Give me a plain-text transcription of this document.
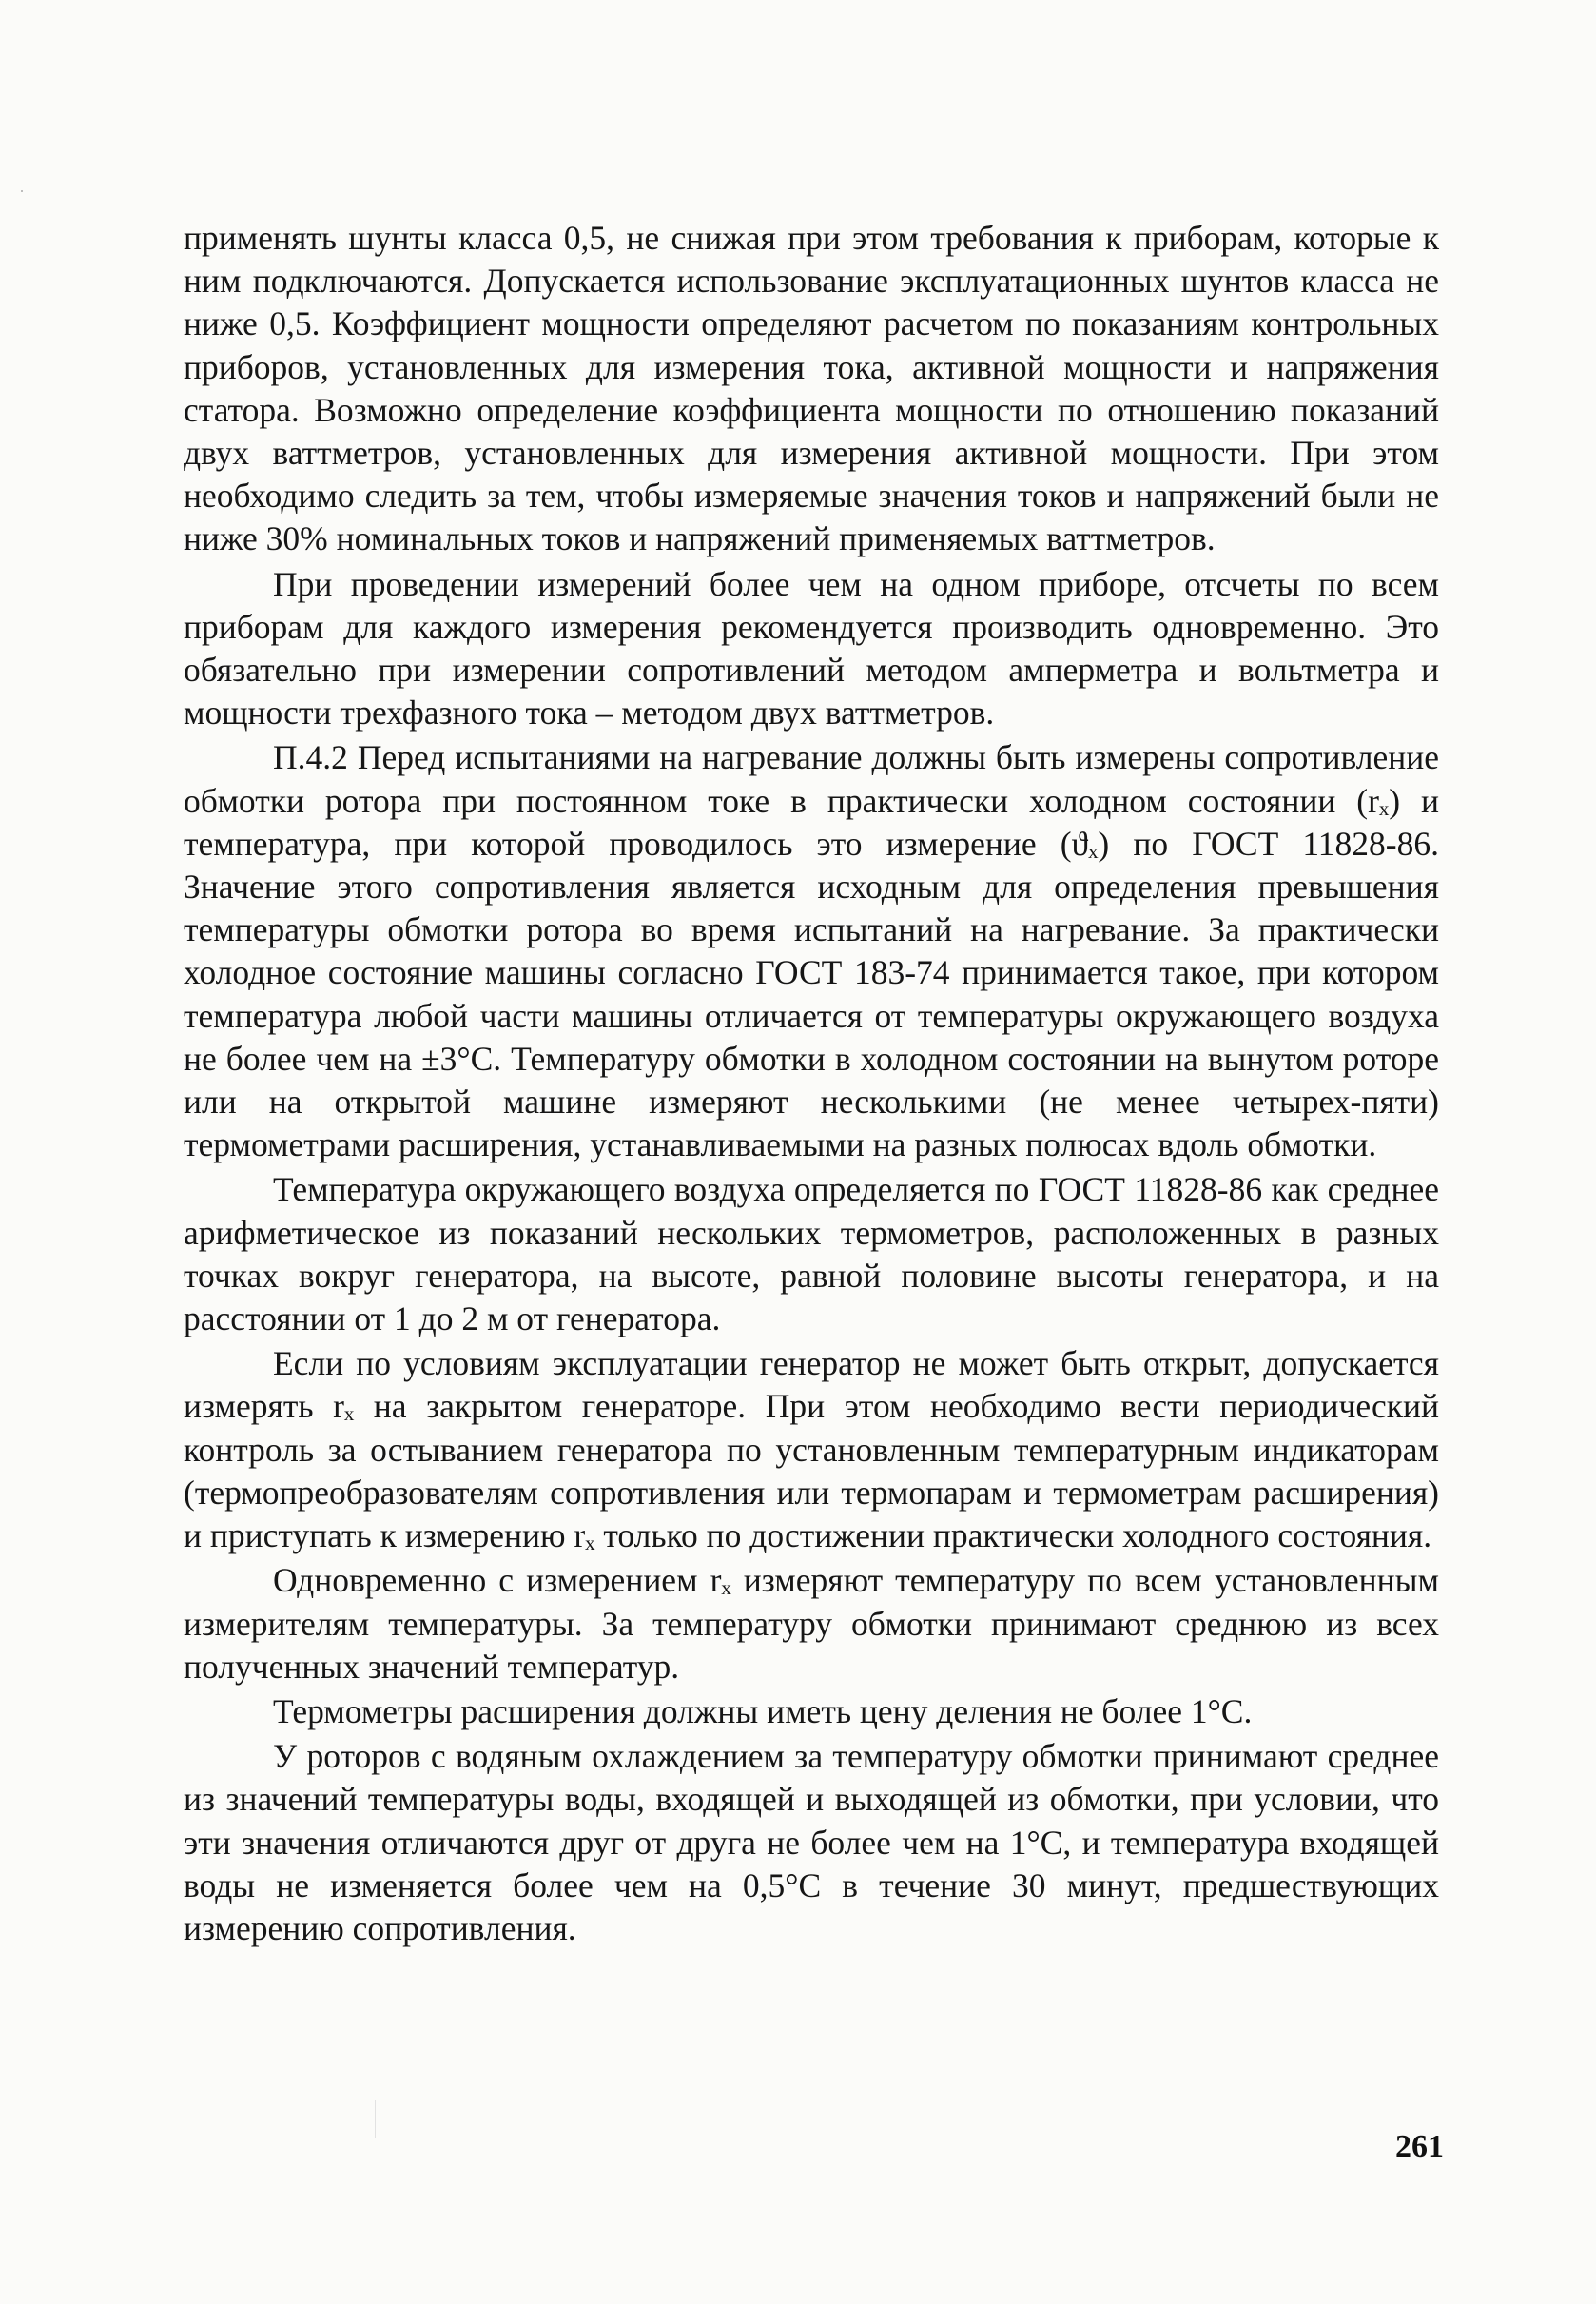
применять шунты класса 0,5, не снижая при этом требования к приборам, которые к ним подключаются. Допускается использование эксплуатационных шунтов класса не ниже 0,5. Коэффициент мощности определяют расчетом по показаниям контрольных приборов, установленных для измерения тока, активной мощности и напряжения статора. Возможно определение коэффициента мощности по отношению показаний двух ваттметров, установленных для измерения активной мощности. При этом необходимо следить за тем, чтобы измеряемые значения токов и напряжений были не ниже 30% номинальных токов и напряжений применяемых ваттметров.

При проведении измерений более чем на одном приборе, отсчеты по всем приборам для каждого измерения рекомендуется производить одновременно. Это обязательно при измерении сопротивлений методом амперметра и вольтметра и мощности трехфазного тока – методом двух ваттметров.

П.4.2 Перед испытаниями на нагревание должны быть измерены сопротивление обмотки ротора при постоянном токе в практически холодном состоянии (rₓ) и температура, при которой проводилось это измерение (ϑₓ) по ГОСТ 11828-86. Значение этого сопротивления является исходным для определения превышения температуры обмотки ротора во время испытаний на нагревание. За практически холодное состояние машины согласно ГОСТ 183-74 принимается такое, при котором температура любой части машины отличается от температуры окружающего воздуха не более чем на ±3°С. Температуру обмотки в холодном состоянии на вынутом роторе или на открытой машине измеряют несколькими (не менее четырех-пяти) термометрами расширения, устанавливаемыми на разных полюсах вдоль обмотки.

Температура окружающего воздуха определяется по ГОСТ 11828-86 как среднее арифметическое из показаний нескольких термометров, расположенных в разных точках вокруг генератора, на высоте, равной половине высоты генератора, и на расстоянии от 1 до 2 м от генератора.

Если по условиям эксплуатации генератор не может быть открыт, допускается измерять rₓ на закрытом генераторе. При этом необходимо вести периодический контроль за остыванием генератора по установленным температурным индикаторам (термопреобразователям сопротивления или термопарам и термометрам расширения) и приступать к измерению rₓ только по достижении практически холодного состояния.

Одновременно с измерением rₓ измеряют температуру по всем установленным измерителям температуры. За температуру обмотки принимают среднюю из всех полученных значений температур.

Термометры расширения должны иметь цену деления не более 1°С.

У роторов с водяным охлаждением за температуру обмотки принимают среднее из значений температуры воды, входящей и выходящей из обмотки, при условии, что эти значения отличаются друг от друга не более чем на 1°С, и температура входящей воды не изменяется более чем на 0,5°С в течение 30 минут, предшествующих измерению сопротивления.

261
